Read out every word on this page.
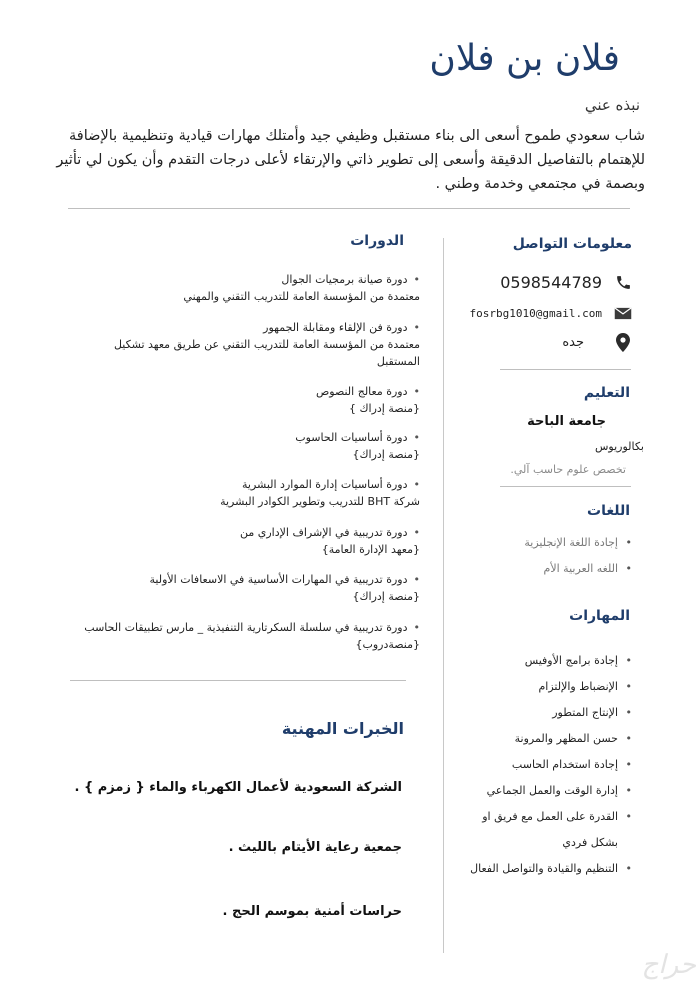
فلان بن فلان
نبذه عني
شاب سعودي طموح أسعى الى بناء مستقبل وظيفي جيد وأمتلك مهارات قيادية وتنظيمية بالإضافة للإهتمام بالتفاصيل الدقيقة وأسعى إلى تطوير ذاتي والإرتقاء لأعلى درجات التقدم وأن يكون لي تأثير وبصمة في مجتمعي وخدمة وطني .
معلومات التواصل
0598544789
fosrbg1010@gmail.com
جده
التعليم
جامعة الباحة
بكالوريوس
تخصص علوم حاسب آلي.
اللغات
• إجادة اللغة الإنجليزية
• اللغه العربية الأم
المهارات
• إجادة برامج الأوفيس
• الإنضباط والإلتزام
• الإنتاج المتطور
• حسن المظهر والمرونة
• إجادة استخدام الحاسب
• إدارة الوقت والعمل الجماعي
• القدرة على العمل مع فريق او بشكل فردي
• التنظيم والقيادة والتواصل الفعال
الدورات
•دورة صيانة برمجيات الجوال
معتمدة من المؤسسة العامة للتدريب التقني والمهني
•دورة فن الإلقاء ومقابلة الجمهور
معتمدة من المؤسسة العامة للتدريب التقني عن طريق معهد تشكيل المستقبل
•دورة معالج النصوص
{منصة إدراك }
•دورة أساسيات الحاسوب
{منصة إدراك}
•دورة أساسيات إدارة الموارد البشرية
شركة BHT للتدريب وتطوير الكوادر البشرية
•دورة تدريبية في الإشراف الإداري من
{معهد الإدارة العامة}
•دورة تدريبية في المهارات الأساسية في الاسعافات الأولية
{منصة إدراك}
•دورة تدريبية في سلسلة السكرتارية التنفيذية _ مارس تطبيقات الحاسب
{منصةدروب}
الخبرات المهنية
الشركة السعودية لأعمال الكهرباء والماء { زمزم } .
جمعية رعاية الأيتام بالليث .
حراسات أمنية بموسم الحج .
حراج
